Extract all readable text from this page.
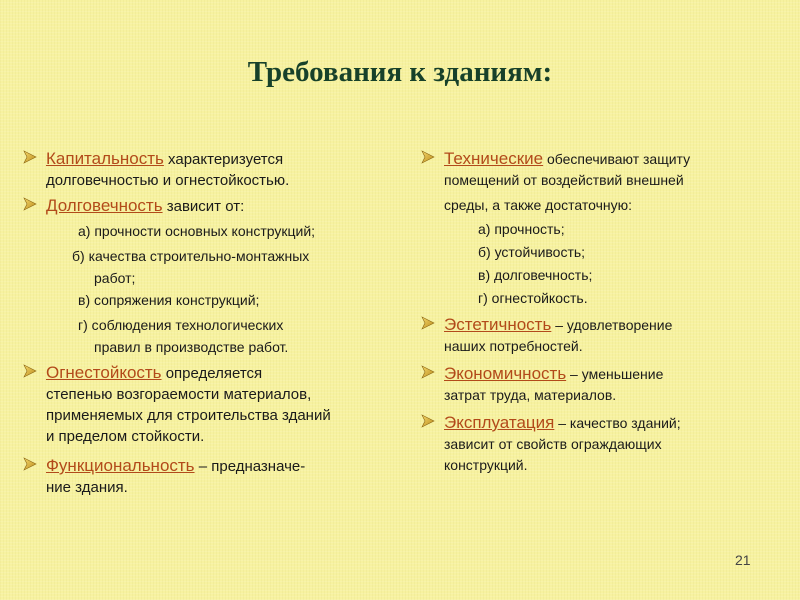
Требования к зданиям:
Капитальность характеризуется
долговечностью и огнестойкостью.
Долговечность зависит от:
а) прочности основных конструкций;
б) качества строительно-монтажных
работ;
в) сопряжения конструкций;
г) соблюдения технологических
правил в производстве работ.
Огнестойкость определяется
степенью возгораемости материалов,
применяемых для строительства зданий
и пределом стойкости.
Функциональность – предназначе-
ние здания.
Технические обеспечивают защиту
помещений от воздействий внешней
среды, а также достаточную:
а) прочность;
б) устойчивость;
в) долговечность;
г) огнестойкость.
Эстетичность – удовлетворение
наших потребностей.
Экономичность – уменьшение
затрат труда, материалов.
Эксплуатация – качество зданий;
зависит от свойств ограждающих
конструкций.
21
